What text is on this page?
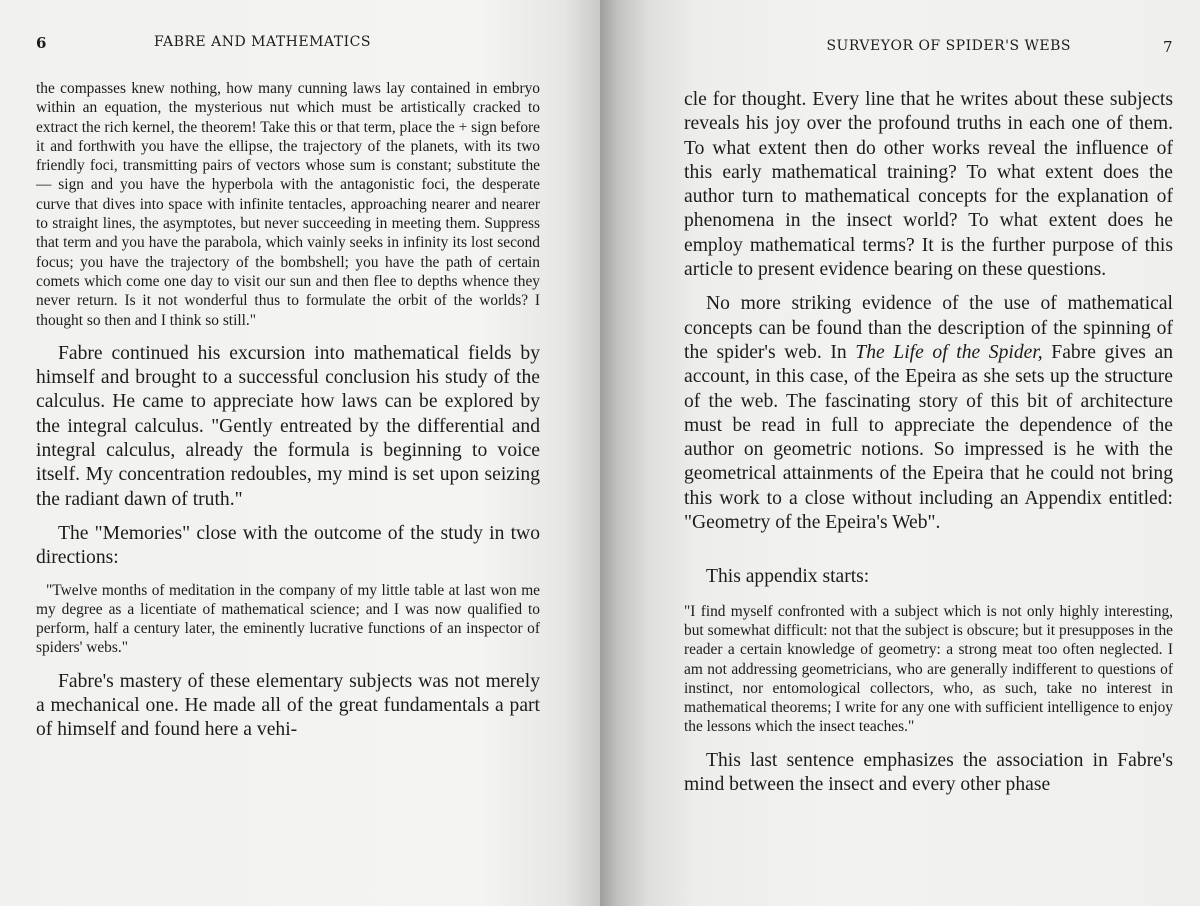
6	FABRE AND MATHEMATICS

the compasses knew nothing, how many cunning laws lay contained in embryo within an equation, the mysterious nut which must be artistically cracked to extract the rich kernel, the theorem! Take this or that term, place the + sign before it and forthwith you have the ellipse, the trajectory of the planets, with its two friendly foci, transmitting pairs of vectors whose sum is constant; substitute the — sign and you have the hyperbola with the antagonistic foci, the desperate curve that dives into space with infinite tentacles, approaching nearer and nearer to straight lines, the asymptotes, but never succeeding in meeting them. Suppress that term and you have the parabola, which vainly seeks in infinity its lost second focus; you have the trajectory of the bombshell; you have the path of certain comets which come one day to visit our sun and then flee to depths whence they never return. Is it not wonderful thus to formulate the orbit of the worlds? I thought so then and I think so still."

Fabre continued his excursion into mathematical fields by himself and brought to a successful conclusion his study of the calculus. He came to appreciate how laws can be explored by the integral calculus. "Gently entreated by the differential and integral calculus, already the formula is beginning to voice itself. My concentration redoubles, my mind is set upon seizing the radiant dawn of truth."

The "Memories" close with the outcome of the study in two directions:

"Twelve months of meditation in the company of my little table at last won me my degree as a licentiate of mathematical science; and I was now qualified to perform, half a century later, the eminently lucrative functions of an inspector of spiders' webs."

Fabre's mastery of these elementary subjects was not merely a mechanical one. He made all of the great fundamentals a part of himself and found here a vehi-

SURVEYOR OF SPIDER'S WEBS	7

cle for thought. Every line that he writes about these subjects reveals his joy over the profound truths in each one of them. To what extent then do other works reveal the influence of this early mathematical training? To what extent does the author turn to mathematical concepts for the explanation of phenomena in the insect world? To what extent does he employ mathematical terms? It is the further purpose of this article to present evidence bearing on these questions.

No more striking evidence of the use of mathematical concepts can be found than the description of the spinning of the spider's web. In The Life of the Spider, Fabre gives an account, in this case, of the Epeira as she sets up the structure of the web. The fascinating story of this bit of architecture must be read in full to appreciate the dependence of the author on geometric notions. So impressed is he with the geometrical attainments of the Epeira that he could not bring this work to a close without including an Appendix entitled: "Geometry of the Epeira's Web".

This appendix starts:

"I find myself confronted with a subject which is not only highly interesting, but somewhat difficult: not that the subject is obscure; but it presupposes in the reader a certain knowledge of geometry: a strong meat too often neglected. I am not addressing geometricians, who are generally indifferent to questions of instinct, nor entomological collectors, who, as such, take no interest in mathematical theorems; I write for any one with sufficient intelligence to enjoy the lessons which the insect teaches."

This last sentence emphasizes the association in Fabre's mind between the insect and every other phase
